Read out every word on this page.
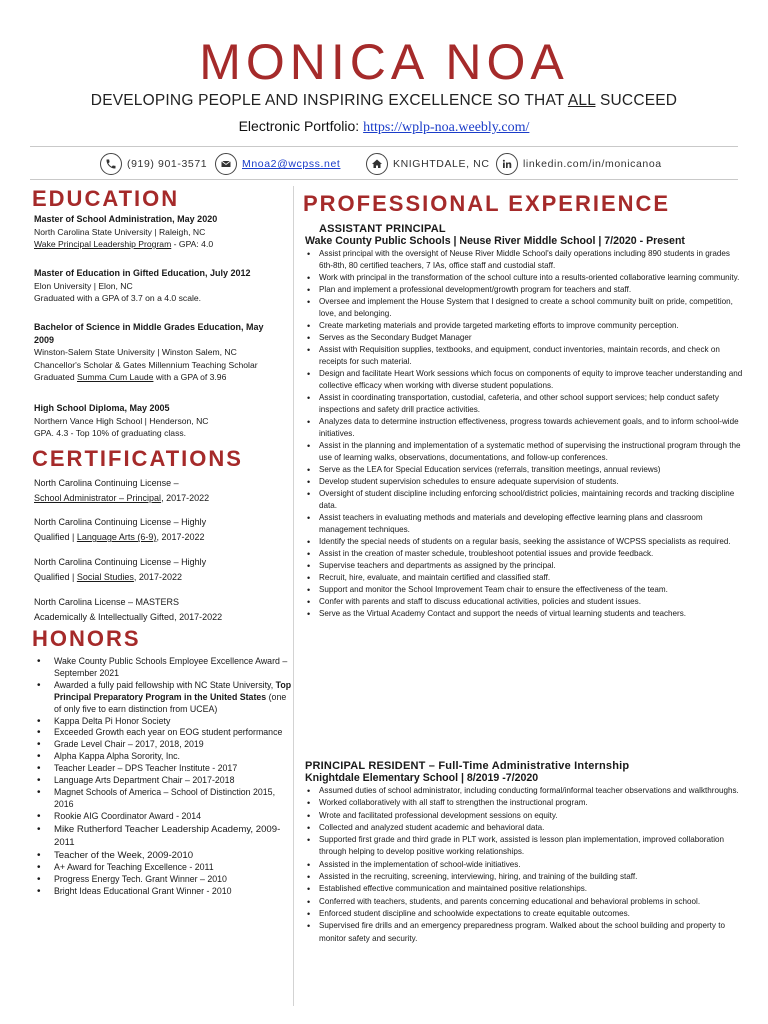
MONICA NOA
DEVELOPING PEOPLE AND INSPIRING EXCELLENCE SO THAT ALL SUCCEED
Electronic Portfolio: https://wplp-noa.weebly.com/
(919) 901-3571	Mnoa2@wcpss.net	KNIGHTDALE, NC	linkedin.com/in/monicanoa
EDUCATION
Master of School Administration, May 2020
North Carolina State University | Raleigh, NC
Wake Principal Leadership Program - GPA: 4.0
Master of Education in Gifted Education, July 2012
Elon University | Elon, NC
Graduated with a GPA of 3.7 on a 4.0 scale.
Bachelor of Science in Middle Grades Education, May 2009
Winston-Salem State University | Winston Salem, NC
Chancellor's Scholar & Gates Millennium Teaching Scholar
Graduated Summa Cum Laude with a GPA of 3.96
High School Diploma, May 2005
Northern Vance High School | Henderson, NC
GPA. 4.3 - Top 10% of graduating class.
CERTIFICATIONS
North Carolina Continuing License –
School Administrator – Principal, 2017-2022
North Carolina Continuing License – Highly
Qualified | Language Arts (6-9), 2017-2022
North Carolina Continuing License – Highly
Qualified | Social Studies, 2017-2022
North Carolina License – MASTERS
Academically & Intellectually Gifted, 2017-2022
HONORS
• Wake County Public Schools Employee Excellence Award – September 2021
• Awarded a fully paid fellowship with NC State University, Top Principal Preparatory Program in the United States (one of only five to earn distinction from UCEA)
• Kappa Delta Pi Honor Society
• Exceeded Growth each year on EOG student performance
• Grade Level Chair – 2017, 2018, 2019
• Alpha Kappa Alpha Sorority, Inc.
• Teacher Leader – DPS Teacher Institute - 2017
• Language Arts Department Chair – 2017-2018
• Magnet Schools of America – School of Distinction 2015, 2016
• Rookie AIG Coordinator Award - 2014
• Mike Rutherford Teacher Leadership Academy, 2009-2011
• Teacher of the Week, 2009-2010
• A+ Award for Teaching Excellence - 2011
• Progress Energy Tech. Grant Winner – 2010
• Bright Ideas Educational Grant Winner - 2010
PROFESSIONAL EXPERIENCE
ASSISTANT PRINCIPAL
Wake County Public Schools | Neuse River Middle School | 7/2020 - Present
• Assist principal with the oversight of Neuse River Middle School's daily operations including 890 students in grades 6th-8th, 80 certified teachers, 7 IAs, office staff and custodial staff.
• Work with principal in the transformation of the school culture into a results-oriented collaborative learning community.
• Plan and implement a professional development/growth program for teachers and staff.
• Oversee and implement the House System that I designed to create a school community built on pride, competition, love, and belonging.
• Create marketing materials and provide targeted marketing efforts to improve community perception.
• Serves as the Secondary Budget Manager
• Assist with Requisition supplies, textbooks, and equipment, conduct inventories, maintain records, and check on receipts for such material.
• Design and facilitate Heart Work sessions which focus on components of equity to improve teacher understanding and collective efficacy when working with diverse student populations.
• Assist in coordinating transportation, custodial, cafeteria, and other school support services; help conduct safety inspections and safety drill practice activities.
• Analyzes data to determine instruction effectiveness, progress towards achievement goals, and to inform school-wide initiatives.
• Assist in the planning and implementation of a systematic method of supervising the instructional program through the use of learning walks, observations, documentations, and follow-up conferences.
• Serve as the LEA for Special Education services (referrals, transition meetings, annual reviews)
• Develop student supervision schedules to ensure adequate supervision of students.
• Oversight of student discipline including enforcing school/district policies, maintaining records and tracking discipline data.
• Assist teachers in evaluating methods and materials and developing effective learning plans and classroom management techniques.
• Identify the special needs of students on a regular basis, seeking the assistance of WCPSS specialists as required.
• Assist in the creation of master schedule, troubleshoot potential issues and provide feedback.
• Supervise teachers and departments as assigned by the principal.
• Recruit, hire, evaluate, and maintain certified and classified staff.
• Support and monitor the School Improvement Team chair to ensure the effectiveness of the team.
• Confer with parents and staff to discuss educational activities, policies and student issues.
• Serve as the Virtual Academy Contact and support the needs of virtual learning students and teachers.
PRINCIPAL RESIDENT – Full-Time Administrative Internship
Knightdale Elementary School | 8/2019 -7/2020
• Assumed duties of school administrator, including conducting formal/informal teacher observations and walkthroughs.
• Worked collaboratively with all staff to strengthen the instructional program.
• Wrote and facilitated professional development sessions on equity.
• Collected and analyzed student academic and behavioral data.
• Supported first grade and third grade in PLT work, assisted is lesson plan implementation, improved collaboration through helping to develop positive working relationships.
• Assisted in the implementation of school-wide initiatives.
• Assisted in the recruiting, screening, interviewing, hiring, and training of the building staff.
• Established effective communication and maintained positive relationships.
• Conferred with teachers, students, and parents concerning educational and behavioral problems in school.
• Enforced student discipline and schoolwide expectations to create equitable outcomes.
• Supervised fire drills and an emergency preparedness program. Walked about the school building and property to monitor safety and security.
